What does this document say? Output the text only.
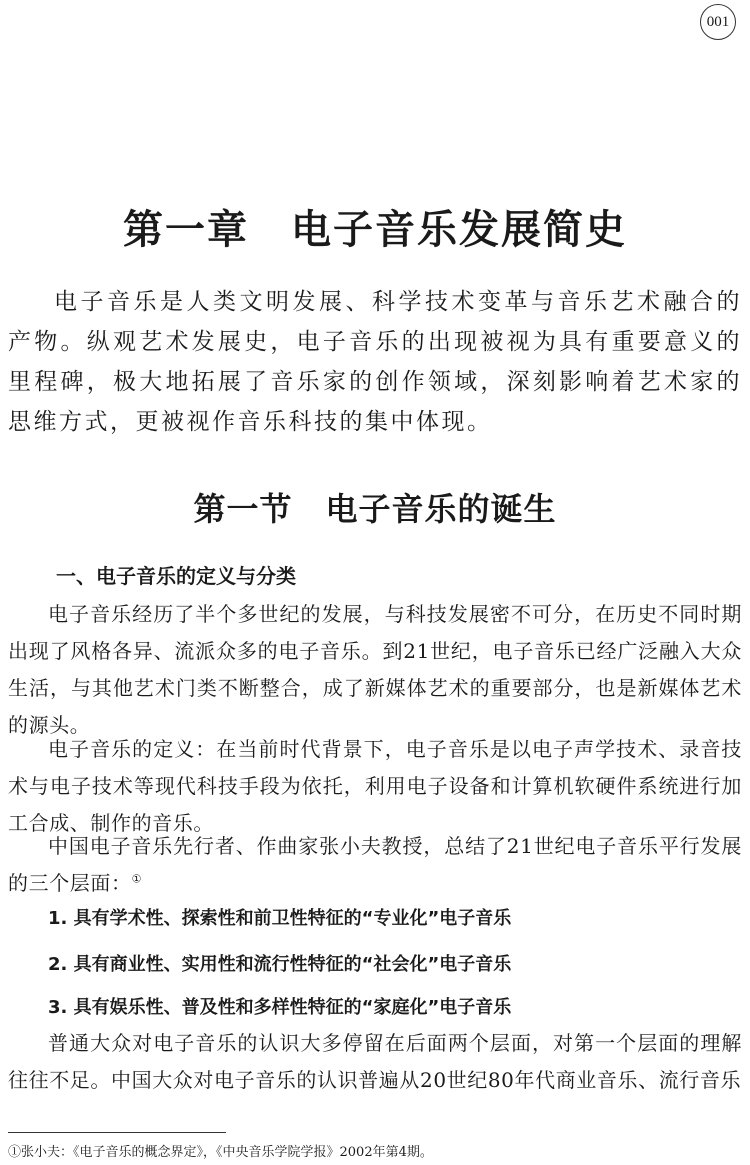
001
第一章　电子音乐发展简史

电子音乐是人类文明发展、科学技术变革与音乐艺术融合的产物。纵观艺术发展史，电子音乐的出现被视为具有重要意义的里程碑，极大地拓展了音乐家的创作领域，深刻影响着艺术家的思维方式，更被视作音乐科技的集中体现。

第一节　电子音乐的诞生
一、电子音乐的定义与分类

电子音乐经历了半个多世纪的发展，与科技发展密不可分，在历史不同时期出现了风格各异、流派众多的电子音乐。到21世纪，电子音乐已经广泛融入大众生活，与其他艺术门类不断整合，成了新媒体艺术的重要部分，也是新媒体艺术的源头。

电子音乐的定义：在当前时代背景下，电子音乐是以电子声学技术、录音技术与电子技术等现代科技手段为依托，利用电子设备和计算机软硬件系统进行加工合成、制作的音乐。

中国电子音乐先行者、作曲家张小夫教授，总结了21世纪电子音乐平行发展的三个层面：①

1. 具有学术性、探索性和前卫性特征的“专业化”电子音乐

2. 具有商业性、实用性和流行性特征的“社会化”电子音乐

3. 具有娱乐性、普及性和多样性特征的“家庭化”电子音乐

普通大众对电子音乐的认识大多停留在后面两个层面，对第一个层面的理解往往不足。中国大众对电子音乐的认识普遍从20世纪80年代商业音乐、流行音乐

①张小夫：《电子音乐的概念界定》，《中央音乐学院学报》2002年第4期。
